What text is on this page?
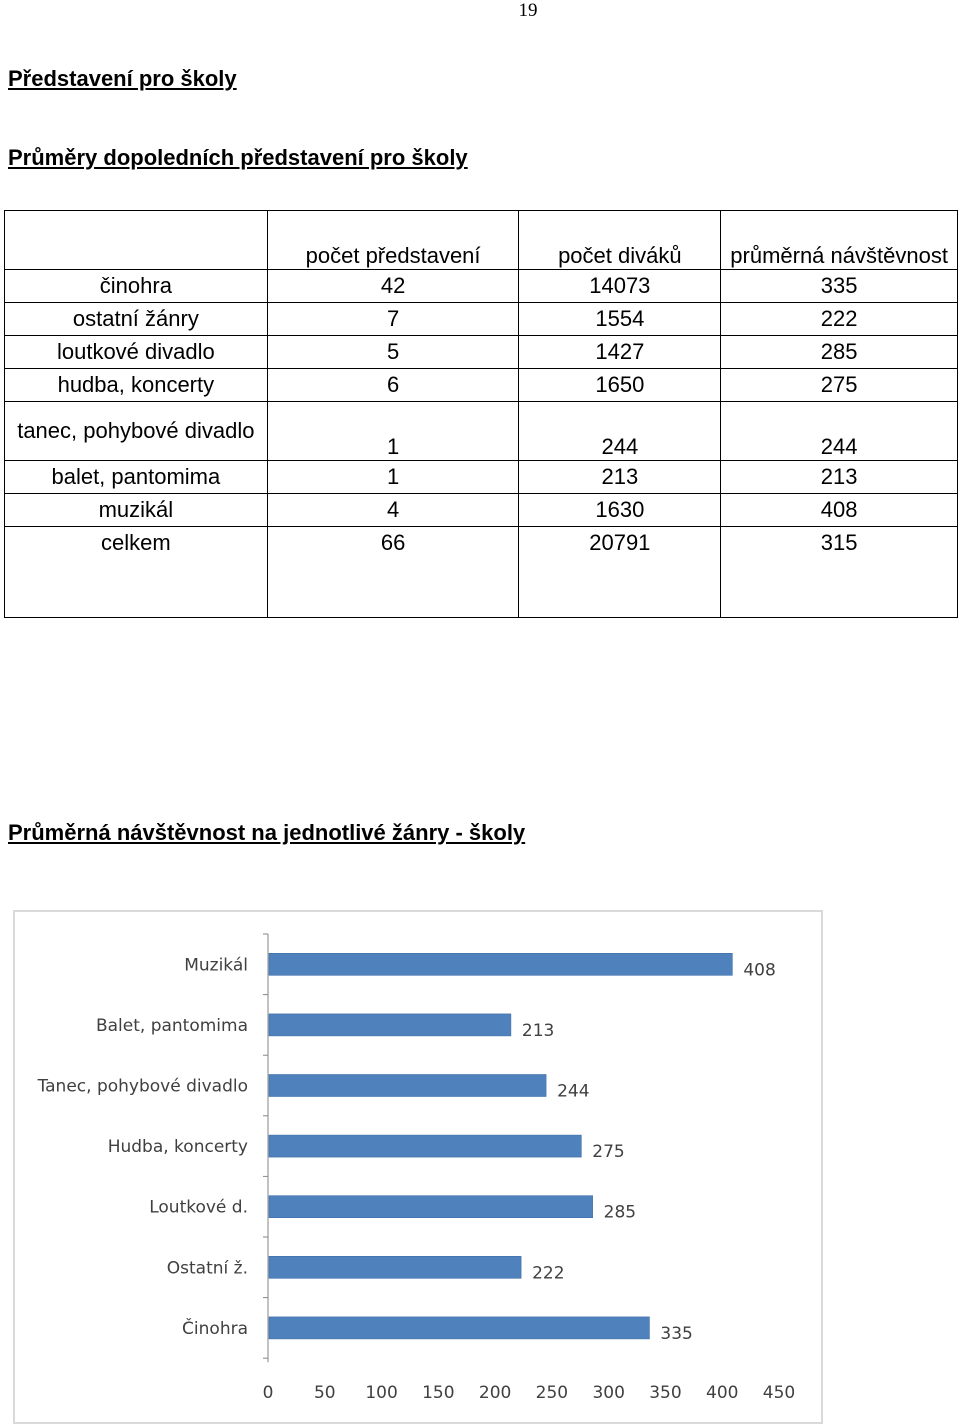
19
Představení pro školy
Průměry dopoledních představení pro školy
	počet představení	počet diváků	průměrná návštěvnost
činohra	42	14073	335
ostatní žánry	7	1554	222
loutkové divadlo	5	1427	285
hudba, koncerty	6	1650	275
tanec, pohybové divadlo	1	244	244
balet, pantomima	1	213	213
muzikál	4	1630	408
celkem	66	20791	315

Průměrná návštěvnost na jednotlivé žánry - školy
Muzikál	408
Balet, pantomima	213
Tanec, pohybové divadlo	244
Hudba, koncerty	275
Loutkové d.	285
Ostatní ž.	222
Činohra	335
0 50 100 150 200 250 300 350 400 450
